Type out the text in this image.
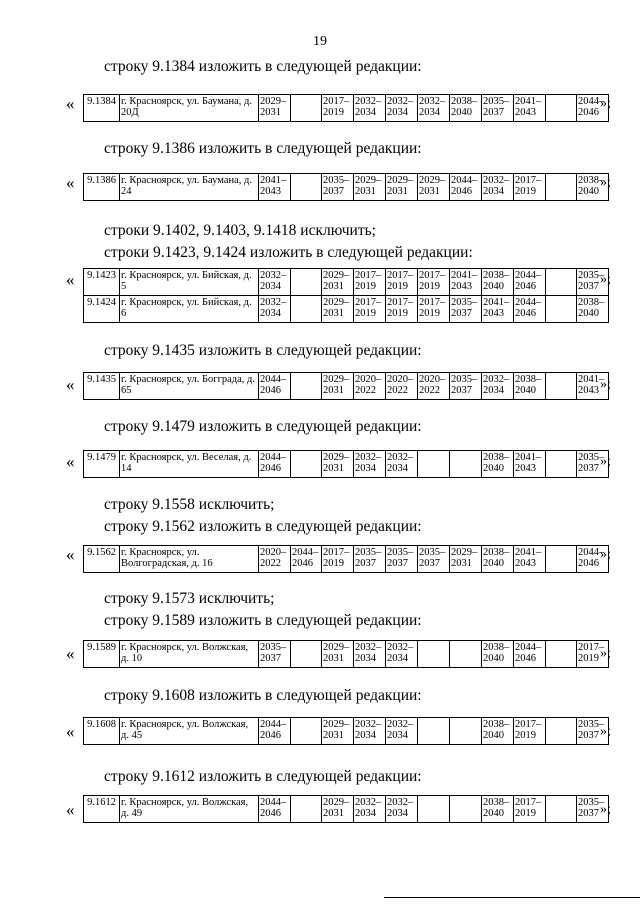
19
строку 9.1384 изложить в следующей редакции:
« 9.1384	г. Красноярск, ул. Баумана, д. 20Д	2029–2031		2017–2019	2032–2034	2032–2034	2032–2034	2038–2040	2035–2037	2041–2043		2044–2046
»;
строку 9.1386 изложить в следующей редакции:
« 9.1386	г. Красноярск, ул. Баумана, д. 24	2041–2043		2035–2037	2029–2031	2029–2031	2029–2031	2044–2046	2032–2034	2017–2019		2038–2040
»;
строки 9.1402, 9.1403, 9.1418 исключить;
строки 9.1423, 9.1424 изложить в следующей редакции:
« 9.1423	г. Красноярск, ул. Бийская, д. 5	2032–2034		2029–2031	2017–2019	2017–2019	2017–2019	2041–2043	2038–2040	2044–2046		2035–2037
9.1424	г. Красноярск, ул. Бийская, д. 6	2032–2034		2029–2031	2017–2019	2017–2019	2017–2019	2035–2037	2041–2043	2044–2046		2038–2040
»;
строку 9.1435 изложить в следующей редакции:
« 9.1435	г. Красноярск, ул. Богграда, д. 65	2044–2046		2029–2031	2020–2022	2020–2022	2020–2022	2035–2037	2032–2034	2038–2040		2041–2043 »;
строку 9.1479 изложить в следующей редакции:
« 9.1479	г. Красноярск, ул. Веселая, д. 14	2044–2046		2029–2031	2032–2034	2032–2034			2038–2040	2041–2043		2035–2037 »;
строку 9.1558 исключить;
строку 9.1562 изложить в следующей редакции:
« 9.1562	г. Красноярск, ул. Волгоградская, д. 16	2020–2022	2044–2046	2017–2019	2035–2037	2035–2037	2035–2037	2029–2031	2038–2040	2041–2043		2044–2046
»;
строку 9.1573 исключить;
строку 9.1589 изложить в следующей редакции:
« 9.1589	г. Красноярск, ул. Волжская, д. 10	2035–2037		2029–2031	2032–2034	2032–2034			2038–2040	2044–2046		2017–2019 »;
строку 9.1608 изложить в следующей редакции:
« 9.1608	г. Красноярск, ул. Волжская, д. 45	2044–2046		2029–2031	2032–2034	2032–2034			2038–2040	2017–2019		2035–2037 »;
строку 9.1612 изложить в следующей редакции:
« 9.1612	г. Красноярск, ул. Волжская, д. 49	2044–2046		2029–2031	2032–2034	2032–2034			2038–2040	2017–2019		2035–2037 »;
